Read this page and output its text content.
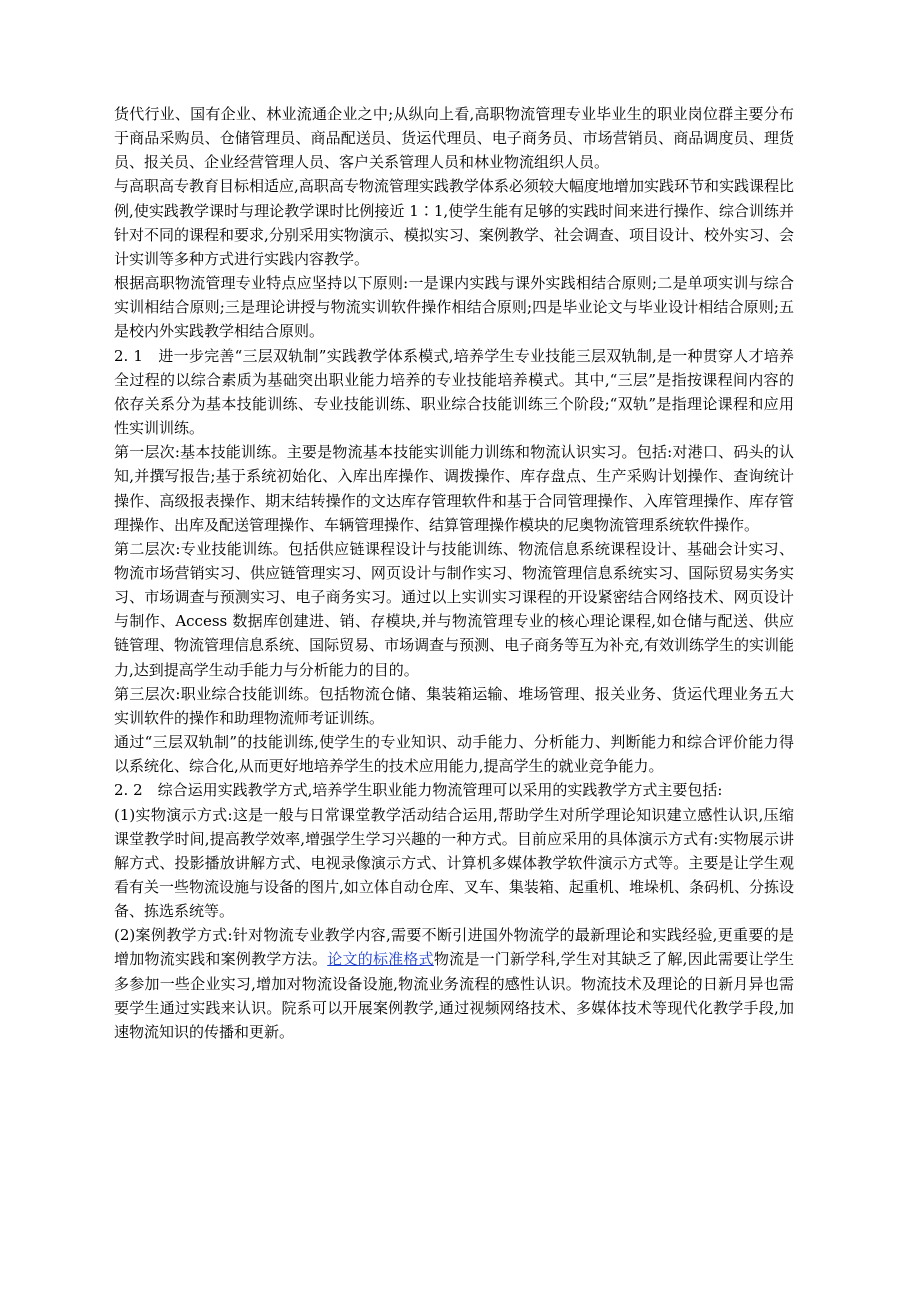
货代行业、国有企业、林业流通企业之中;从纵向上看,高职物流管理专业毕业生的职业岗位群主要分布于商品采购员、仓储管理员、商品配送员、货运代理员、电子商务员、市场营销员、商品调度员、理货员、报关员、企业经营管理人员、客户关系管理人员和林业物流组织人员。

与高职高专教育目标相适应,高职高专物流管理实践教学体系必须较大幅度地增加实践环节和实践课程比例,使实践教学课时与理论教学课时比例接近 1∶1,使学生能有足够的实践时间来进行操作、综合训练并针对不同的课程和要求,分别采用实物演示、模拟实习、案例教学、社会调查、项目设计、校外实习、会计实训等多种方式进行实践内容教学。

根据高职物流管理专业特点应坚持以下原则:一是课内实践与课外实践相结合原则;二是单项实训与综合实训相结合原则;三是理论讲授与物流实训软件操作相结合原则;四是毕业论文与毕业设计相结合原则;五是校内外实践教学相结合原则。

2. 1　进一步完善“三层双轨制”实践教学体系模式,培养学生专业技能三层双轨制,是一种贯穿人才培养全过程的以综合素质为基础突出职业能力培养的专业技能培养模式。其中,“三层”是指按课程间内容的依存关系分为基本技能训练、专业技能训练、职业综合技能训练三个阶段;“双轨”是指理论课程和应用性实训训练。

第一层次:基本技能训练。主要是物流基本技能实训能力训练和物流认识实习。包括:对港口、码头的认知,并撰写报告;基于系统初始化、入库出库操作、调拨操作、库存盘点、生产采购计划操作、查询统计操作、高级报表操作、期末结转操作的文达库存管理软件和基于合同管理操作、入库管理操作、库存管理操作、出库及配送管理操作、车辆管理操作、结算管理操作模块的尼奥物流管理系统软件操作。

第二层次:专业技能训练。包括供应链课程设计与技能训练、物流信息系统课程设计、基础会计实习、物流市场营销实习、供应链管理实习、网页设计与制作实习、物流管理信息系统实习、国际贸易实务实习、市场调查与预测实习、电子商务实习。通过以上实训实习课程的开设紧密结合网络技术、网页设计与制作、Access 数据库创建进、销、存模块,并与物流管理专业的核心理论课程,如仓储与配送、供应链管理、物流管理信息系统、国际贸易、市场调查与预测、电子商务等互为补充,有效训练学生的实训能力,达到提高学生动手能力与分析能力的目的。

第三层次:职业综合技能训练。包括物流仓储、集装箱运输、堆场管理、报关业务、货运代理业务五大实训软件的操作和助理物流师考证训练。

通过“三层双轨制”的技能训练,使学生的专业知识、动手能力、分析能力、判断能力和综合评价能力得以系统化、综合化,从而更好地培养学生的技术应用能力,提高学生的就业竞争能力。

2. 2　综合运用实践教学方式,培养学生职业能力物流管理可以采用的实践教学方式主要包括:

(1)实物演示方式:这是一般与日常课堂教学活动结合运用,帮助学生对所学理论知识建立感性认识,压缩课堂教学时间,提高教学效率,增强学生学习兴趣的一种方式。目前应采用的具体演示方式有:实物展示讲解方式、投影播放讲解方式、电视录像演示方式、计算机多媒体教学软件演示方式等。主要是让学生观看有关一些物流设施与设备的图片,如立体自动仓库、叉车、集装箱、起重机、堆垛机、条码机、分拣设备、拣选系统等。

(2)案例教学方式:针对物流专业教学内容,需要不断引进国外物流学的最新理论和实践经验,更重要的是增加物流实践和案例教学方法。论文的标准格式物流是一门新学科,学生对其缺乏了解,因此需要让学生多参加一些企业实习,增加对物流设备设施,物流业务流程的感性认识。物流技术及理论的日新月异也需要学生通过实践来认识。院系可以开展案例教学,通过视频网络技术、多媒体技术等现代化教学手段,加速物流知识的传播和更新。
